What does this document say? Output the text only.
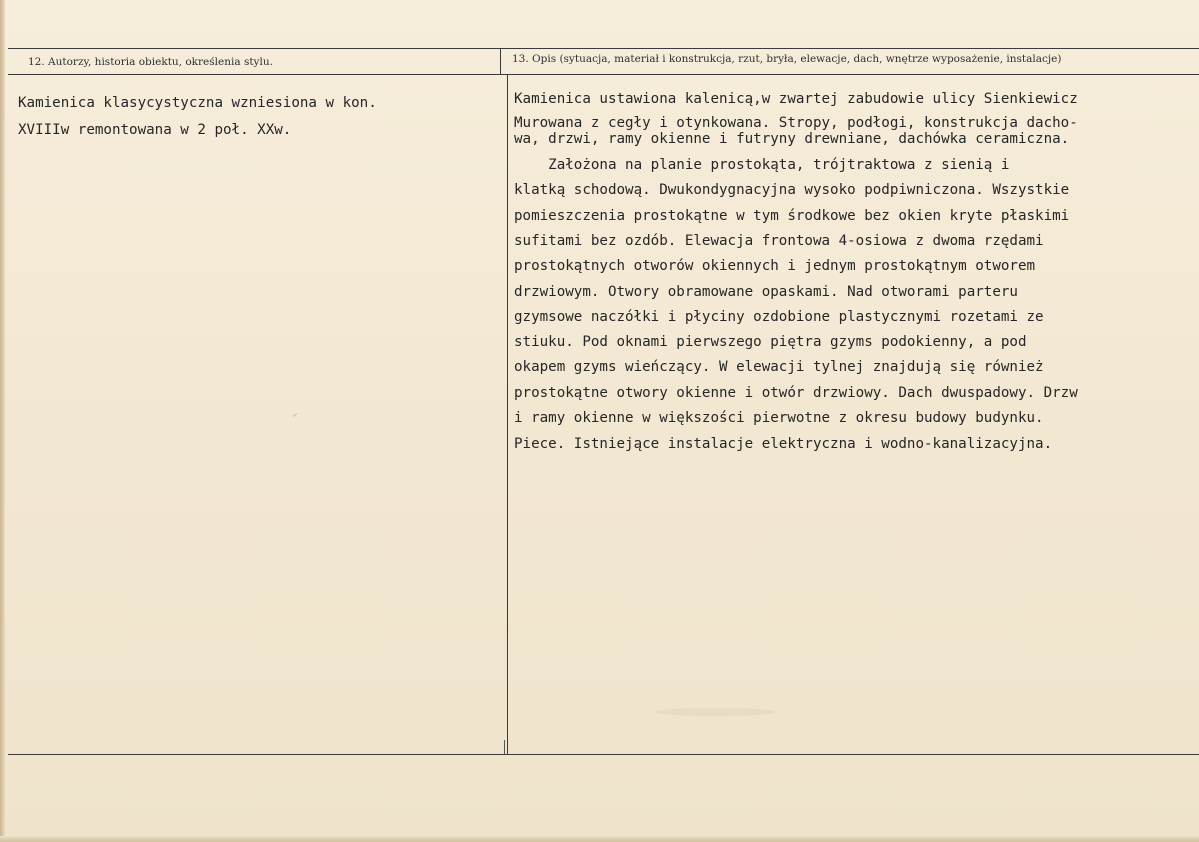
12. Autorzy, historia obiektu, określenia stylu.
Kamienica klasycystyczna wzniesiona w kon.
XVIIIw remontowana w 2 poł. XXw.
13. Opis (sytuacja, materiał i konstrukcja, rzut, bryła, elewacje, dach, wnętrze wyposażenie, instalacje)
Kamienica ustawiona kalenicą,w zwartej zabudowie ulicy Sienkiewicz
Murowana z cegły i otynkowana. Stropy, podłogi, konstrukcja dacho-
wa, drzwi, ramy okienne i futryny drewniane, dachówka ceramiczna.
Założona na planie prostokąta, trójtraktowa z sienią i
klatką schodową. Dwukondygnacyjna wysoko podpiwniczona. Wszystkie
pomieszczenia prostokątne w tym środkowe bez okien kryte płaskimi
sufitami bez ozdób. Elewacja frontowa 4-osiowa z dwoma rzędami
prostokątnych otworów okiennych i jednym prostokątnym otworem
drzwiowym. Otwory obramowane opaskami. Nad otworami parteru
gzymsowe naczółki i płyciny ozdobione plastycznymi rozetami ze
stiuku. Pod oknami pierwszego piętra gzyms podokienny, a pod
okapem gzyms wieńczący. W elewacji tylnej znajdują się również
prostokątne otwory okienne i otwór drzwiowy. Dach dwuspadowy. Drzw
i ramy okienne w większości pierwotne z okresu budowy budynku.
Piece. Istniejące instalacje elektryczna i wodno-kanalizacyjna.
